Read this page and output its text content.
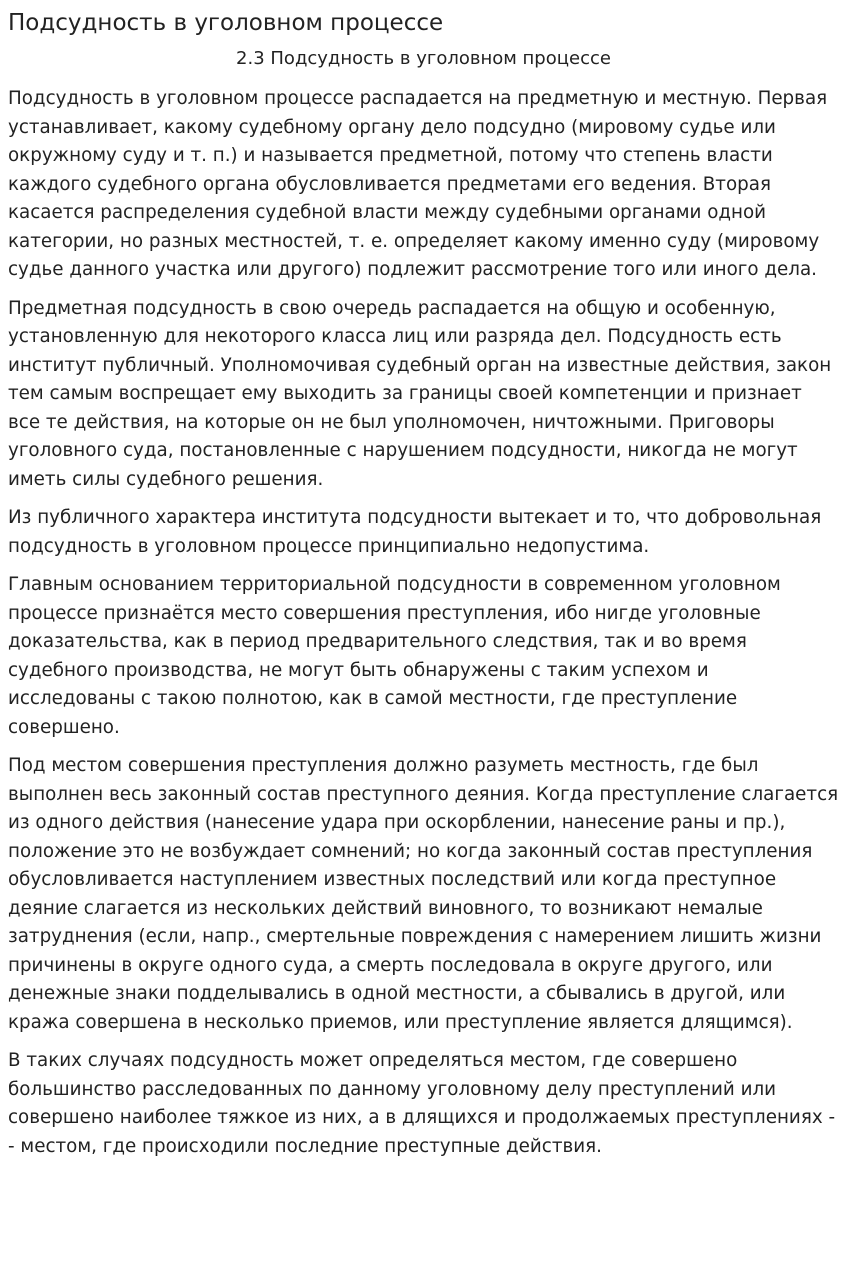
Подсудность в уголовном процессе
2.3 Подсудность в уголовном процессе

Подсудность в уголовном процессе распадается на предметную и местную. Первая устанавливает, какому судебному органу дело подсудно (мировому судье или окружному суду и т. п.) и называется предметной, потому что степень власти каждого судебного органа обусловливается предметами его ведения. Вторая касается распределения судебной власти между судебными органами одной категории, но разных местностей, т. е. определяет какому именно суду (мировому судье данного участка или другого) подлежит рассмотрение того или иного дела.

Предметная подсудность в свою очередь распадается на общую и особенную, установленную для некоторого класса лиц или разряда дел. Подсудность есть институт публичный. Уполномочивая судебный орган на известные действия, закон тем самым воспрещает ему выходить за границы своей компетенции и признает все те действия, на которые он не был уполномочен, ничтожными. Приговоры уголовного суда, постановленные с нарушением подсудности, никогда не могут иметь силы судебного решения.

Из публичного характера института подсудности вытекает и то, что добровольная подсудность в уголовном процессе принципиально недопустима.

Главным основанием территориальной подсудности в современном уголовном процессе признаётся место совершения преступления, ибо нигде уголовные доказательства, как в период предварительного следствия, так и во время судебного производства, не могут быть обнаружены с таким успехом и исследованы с такою полнотою, как в самой местности, где преступление совершено.

Под местом совершения преступления должно разуметь местность, где был выполнен весь законный состав преступного деяния. Когда преступление слагается из одного действия (нанесение удара при оскорблении, нанесение раны и пр.), положение это не возбуждает сомнений; но когда законный состав преступления обусловливается наступлением известных последствий или когда преступное деяние слагается из нескольких действий виновного, то возникают немалые затруднения (если, напр., смертельные повреждения с намерением лишить жизни причинены в округе одного суда, а смерть последовала в округе другого, или денежные знаки подделывались в одной местности, а сбывались в другой, или кража совершена в несколько приемов, или преступление является длящимся).

В таких случаях подсудность может определяться местом, где совершено большинство расследованных по данному уголовному делу преступлений или совершено наиболее тяжкое из них, а в длящихся и продолжаемых преступлениях -- местом, где происходили последние преступные действия.
